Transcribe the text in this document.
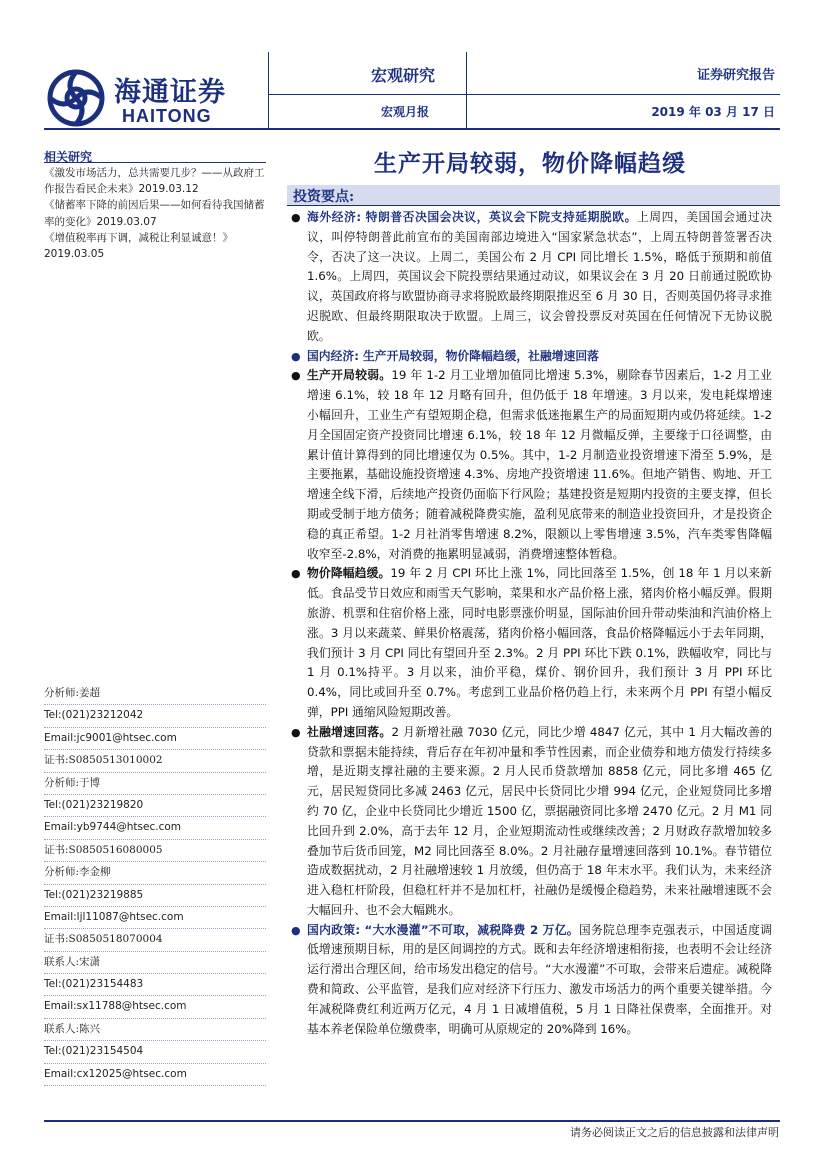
海通证券
HAITONG
宏观研究
宏观月报
证券研究报告
2019 年 03 月 17 日
生产开局较弱，物价降幅趋缓
相关研究

《激发市场活力，总共需要几步？——从政府工作报告看民企未来》2019.03.12

《储蓄率下降的前因后果——如何看待我国储蓄率的变化》2019.03.07

《增值税率再下调，减税让利显诚意！》2019.03.05

分析师:姜超
Tel:(021)23212042
Email:jc9001@htsec.com
证书:S0850513010002
分析师:于博
Tel:(021)23219820
Email:yb9744@htsec.com
证书:S0850516080005
分析师:李金柳
Tel:(021)23219885
Email:ljl11087@htsec.com
证书:S0850518070004
联系人:宋潇
Tel:(021)23154483
Email:sx11788@htsec.com
联系人:陈兴
Tel:(021)23154504
Email:cx12025@htsec.com
投资要点:

● 海外经济: 特朗普否决国会决议，英议会下院支持延期脱欧。上周四，美国国会通过决议，叫停特朗普此前宣布的美国南部边境进入“国家紧急状态”，上周五特朗普签署否决令，否决了这一决议。上周二，美国公布 2 月 CPI 同比增长 1.5%，略低于预期和前值 1.6%。上周四，英国议会下院投票结果通过动议，如果议会在 3 月 20 日前通过脱欧协议，英国政府将与欧盟协商寻求将脱欧最终期限推迟至 6 月 30 日，否则英国仍将寻求推迟脱欧、但最终期限取决于欧盟。上周三，议会曾投票反对英国在任何情况下无协议脱欧。

● 国内经济: 生产开局较弱，物价降幅趋缓，社融增速回落

● 生产开局较弱。19 年 1-2 月工业增加值同比增速 5.3%，剔除春节因素后，1-2 月工业增速 6.1%，较 18 年 12 月略有回升，但仍低于 18 年增速。3 月以来，发电耗煤增速小幅回升，工业生产有望短期企稳，但需求低迷拖累生产的局面短期内或仍将延续。1-2 月全国固定资产投资同比增速 6.1%，较 18 年 12 月微幅反弹，主要缘于口径调整，由累计值计算得到的同比增速仅为 0.5%。其中，1-2 月制造业投资增速下滑至 5.9%，是主要拖累，基础设施投资增速 4.3%、房地产投资增速 11.6%。但地产销售、购地、开工增速全线下滑，后续地产投资仍面临下行风险；基建投资是短期内投资的主要支撑，但长期或受制于地方债务；随着减税降费实施，盈利见底带来的制造业投资回升，才是投资企稳的真正希望。1-2 月社消零售增速 8.2%，限额以上零售增速 3.5%，汽车类零售降幅收窄至-2.8%，对消费的拖累明显减弱，消费增速整体暂稳。

● 物价降幅趋缓。19 年 2 月 CPI 环比上涨 1%，同比回落至 1.5%，创 18 年 1 月以来新低。食品受节日效应和雨雪天气影响，菜果和水产品价格上涨，猪肉价格小幅反弹。假期旅游、机票和住宿价格上涨，同时电影票涨价明显，国际油价回升带动柴油和汽油价格上涨。3 月以来蔬菜、鲜果价格震荡，猪肉价格小幅回落，食品价格降幅远小于去年同期，我们预计 3 月 CPI 同比有望回升至 2.3%。2 月 PPI 环比下跌 0.1%，跌幅收窄，同比与 1 月 0.1%持平。3 月以来，油价平稳，煤价、钢价回升，我们预计 3 月 PPI 环比 0.4%，同比或回升至 0.7%。考虑到工业品价格仍趋上行，未来两个月 PPI 有望小幅反弹，PPI 通缩风险短期改善。

● 社融增速回落。2 月新增社融 7030 亿元，同比少增 4847 亿元，其中 1 月大幅改善的贷款和票据未能持续，背后存在年初冲量和季节性因素，而企业债券和地方债发行持续多增，是近期支撑社融的主要来源。2 月人民币贷款增加 8858 亿元，同比多增 465 亿元，居民短贷同比多减 2463 亿元，居民中长贷同比少增 994 亿元，企业短贷同比多增约 70 亿，企业中长贷同比少增近 1500 亿，票据融资同比多增 2470 亿元。2 月 M1 同比回升到 2.0%，高于去年 12 月，企业短期流动性或继续改善；2 月财政存款增加较多叠加节后货币回笼，M2 同比回落至 8.0%。2 月社融存量增速回落到 10.1%。春节错位造成数据扰动，2 月社融增速较 1 月放缓，但仍高于 18 年末水平。我们认为，未来经济进入稳杠杆阶段，但稳杠杆并不是加杠杆，社融仍是缓慢企稳趋势，未来社融增速既不会大幅回升、也不会大幅跳水。

● 国内政策: “大水漫灌”不可取，减税降费 2 万亿。国务院总理李克强表示，中国适度调低增速预期目标，用的是区间调控的方式。既和去年经济增速相衔接，也表明不会让经济运行滑出合理区间，给市场发出稳定的信号。“大水漫灌”不可取，会带来后遗症。减税降费和简政、公平监管，是我们应对经济下行压力、激发市场活力的两个重要关键举措。今年减税降费红利近两万亿元，4 月 1 日减增值税，5 月 1 日降社保费率，全面推开。对基本养老保险单位缴费率，明确可从原规定的 20%降到 16%。

请务必阅读正文之后的信息披露和法律声明
